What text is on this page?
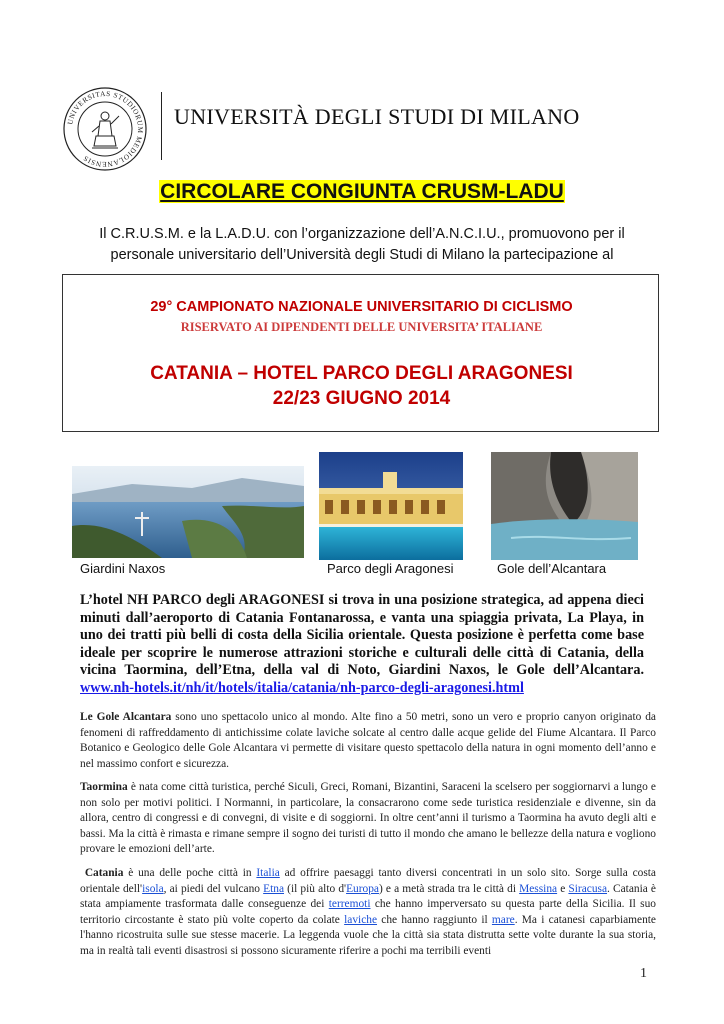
UNIVERSITAS STUDIORUM MEDIOLANENSIS
UNIVERSITÀ DEGLI STUDI DI MILANO
CIRCOLARE CONGIUNTA CRUSM-LADU
Il C.R.U.S.M. e la L.A.D.U. con l’organizzazione dell’A.N.C.I.U., promuovono per il personale universitario dell’Università degli Studi di Milano la partecipazione al
29° CAMPIONATO NAZIONALE UNIVERSITARIO DI CICLISMO
RISERVATO AI DIPENDENTI DELLE UNIVERSITA’ ITALIANE
CATANIA – HOTEL PARCO DEGLI ARAGONESI
22/23 GIUGNO 2014
Giardini Naxos	Parco degli Aragonesi	Gole dell’Alcantara
L’hotel NH PARCO degli ARAGONESI si trova in una posizione strategica, ad appena dieci minuti dall’aeroporto di Catania Fontanarossa, e vanta una spiaggia privata, La Playa, in uno dei tratti più belli di costa della Sicilia orientale. Questa posizione è perfetta come base ideale per scoprire le numerose attrazioni storiche e culturali delle città di Catania, della vicina Taormina, dell’Etna, della val di Noto, Giardini Naxos, le Gole dell’Alcantara. www.nh-hotels.it/nh/it/hotels/italia/catania/nh-parco-degli-aragonesi.html
Le Gole Alcantara sono uno spettacolo unico al mondo. Alte fino a 50 metri, sono un vero e proprio canyon originato da fenomeni di raffreddamento di antichissime colate laviche solcate al centro dalle acque gelide del Fiume Alcantara. Il Parco Botanico e Geologico delle Gole Alcantara vi permette di visitare questo spettacolo della natura in ogni momento dell’anno e nel massimo confort e sicurezza.
Taormina è nata come città turistica, perché Siculi, Greci, Romani, Bizantini, Saraceni la scelsero per soggiornarvi a lungo e non solo per motivi politici. I Normanni, in particolare, la consacrarono come sede turistica residenziale e divenne, sin da allora, centro di congressi e di convegni, di visite e di soggiorni. In oltre cent’anni il turismo a Taormina ha avuto degli alti e bassi. Ma la città è rimasta e rimane sempre il sogno dei turisti di tutto il mondo che amano le bellezze della natura e vogliono provare le emozioni dell’arte.
Catania è una delle poche città in Italia ad offrire paesaggi tanto diversi concentrati in un solo sito. Sorge sulla costa orientale dell'isola, ai piedi del vulcano Etna (il più alto d'Europa) e a metà strada tra le città di Messina e Siracusa. Catania è stata ampiamente trasformata dalle conseguenze dei terremoti che hanno imperversato su questa parte della Sicilia. Il suo territorio circostante è stato più volte coperto da colate laviche che hanno raggiunto il mare. Ma i catanesi caparbiamente l'hanno ricostruita sulle sue stesse macerie. La leggenda vuole che la città sia stata distrutta sette volte durante la sua storia, ma in realtà tali eventi disastrosi si possono sicuramente riferire a pochi ma terribili eventi
1
